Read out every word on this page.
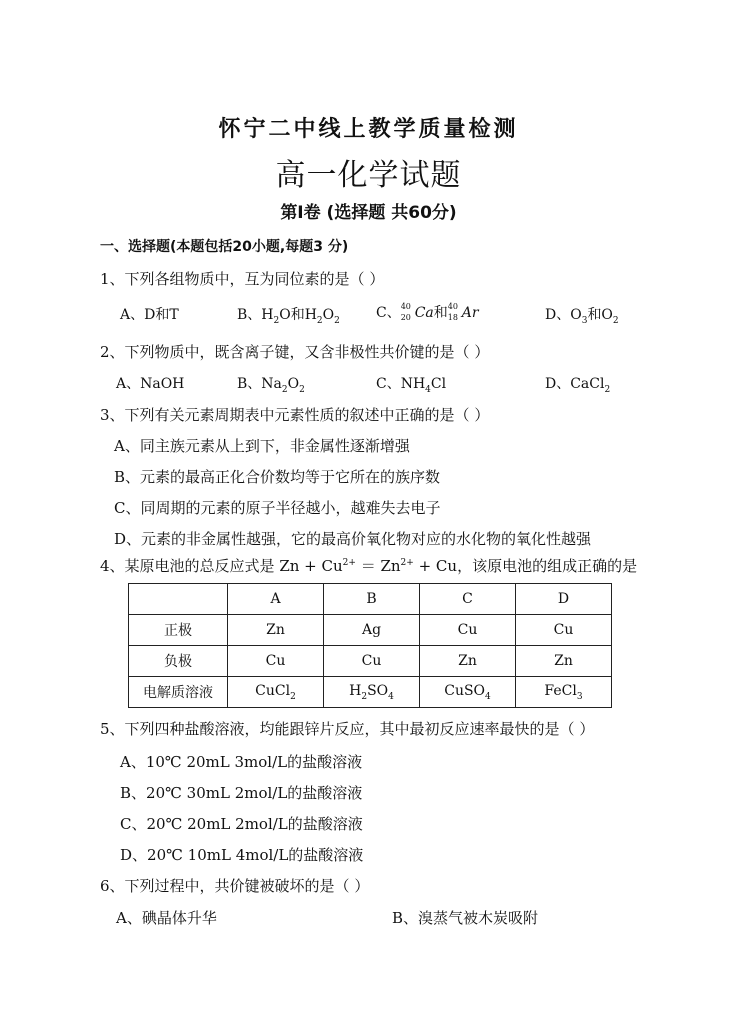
怀宁二中线上教学质量检测
高一化学试题
第Ⅰ卷 (选择题 共60分)
一、选择题(本题包括20小题,每题3 分)
1、下列各组物质中，互为同位素的是（ ）
A、D和T	B、$H_2O$和$H_2O_2$	C、 40
20 Ca和 40
18 Ar	D、$O_3$和$O_2$
2、下列物质中，既含离子键，又含非极性共价键的是（ ）
A、NaOH	B、$Na_2O_2$	C、$NH_4Cl$	D、CaCl$_2$
3、下列有关元素周期表中元素性质的叙述中正确的是（ ）
A、同主族元素从上到下，非金属性逐渐增强
B、元素的最高正化合价数均等于它所在的族序数
C、同周期的元素的原子半径越小，越难失去电子
D、元素的非金属性越强，它的最高价氧化物对应的水化物的氧化性越强
4、某原电池的总反应式是 $Zn + Cu^{2+} = Zn^{2+} + Cu$，该原电池的组成正确的是
	A	B	C	D
正极	Zn	Ag	Cu	Cu
负极	Cu	Cu	Zn	Zn
电解质溶液	CuCl$_2$	$H_2SO_4$	CuSO$_4$	FeCl$_3$
5、下列四种盐酸溶液，均能跟锌片反应，其中最初反应速率最快的是（ ）
A、10℃ 20mL 3mol/L的盐酸溶液
B、20℃ 30mL 2mol/L的盐酸溶液
C、20℃ 20mL 2mol/L的盐酸溶液
D、20℃ 10mL 4mol/L的盐酸溶液
6、下列过程中，共价键被破坏的是（ ）
A、碘晶体升华	B、溴蒸气被木炭吸附
